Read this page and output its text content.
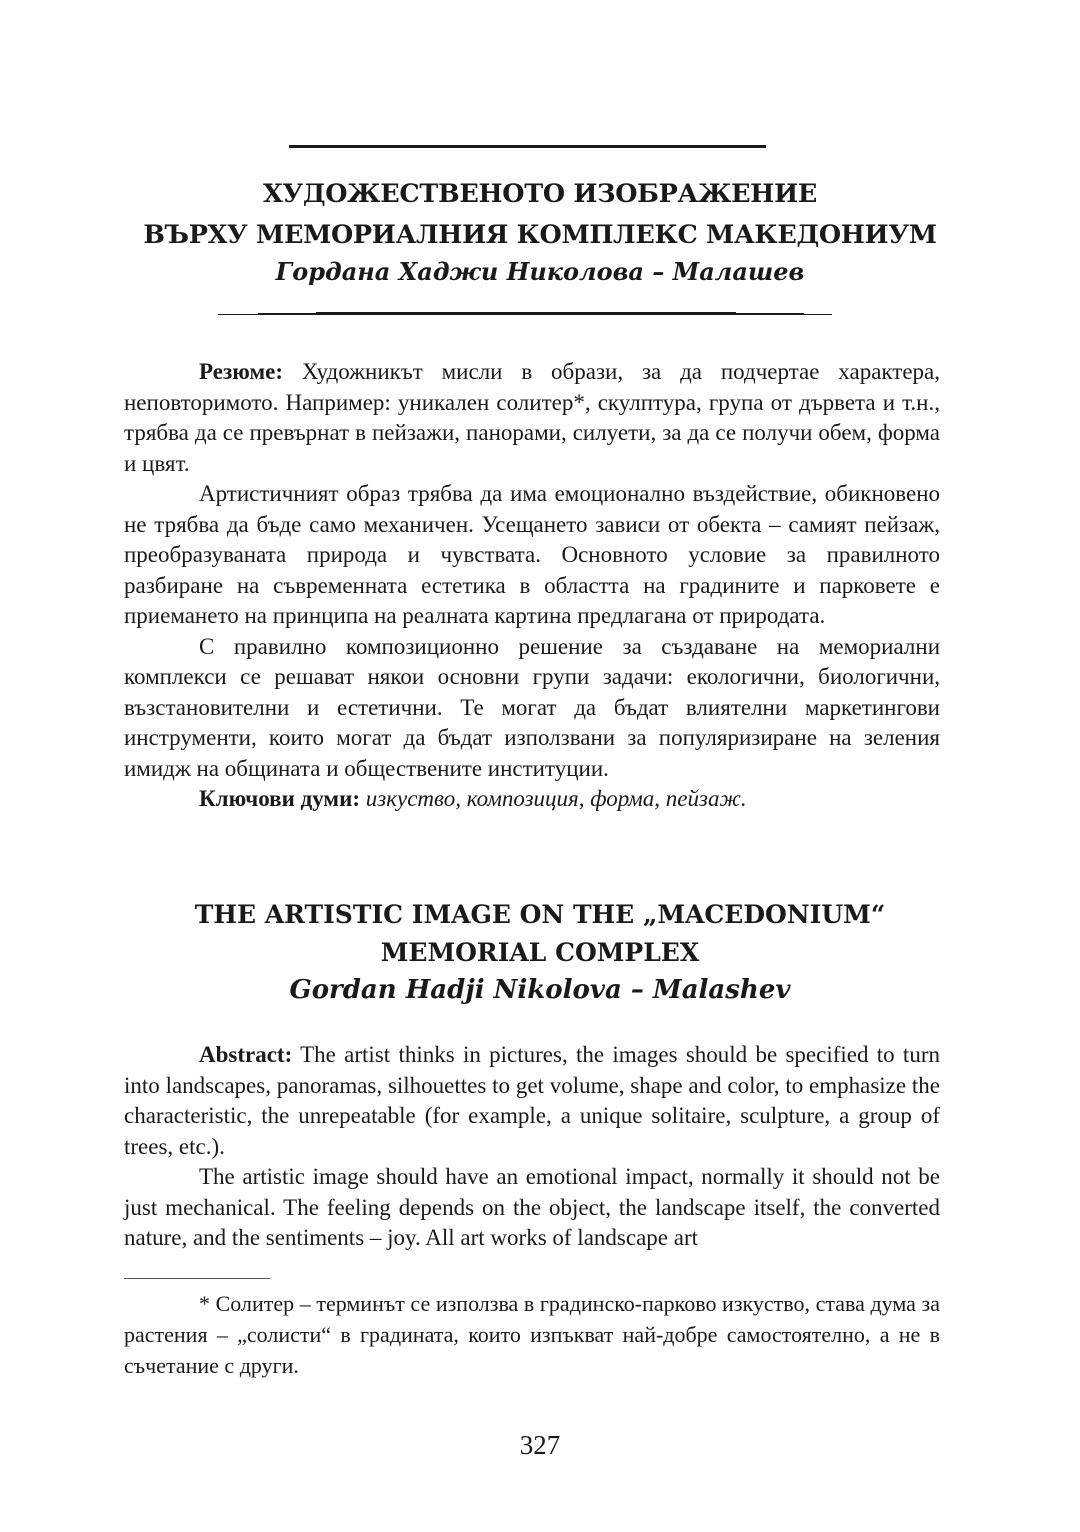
ХУДОЖЕСТВЕНОТО ИЗОБРАЖЕНИЕ
ВЪРХУ МЕМОРИАЛНИЯ КОМПЛЕКС МАКЕДОНИУМ

Гордана Хаджи Николова – Малашев

Резюме: Художникът мисли в образи, за да подчертае характера, неповторимото. Например: уникален солитер*, скулптура, група от дървета и т.н., трябва да се превърнат в пейзажи, панорами, силуети, за да се получи обем, форма и цвят.

Артистичният образ трябва да има емоционално въздействие, обикновено не трябва да бъде само механичен. Усещането зависи от обекта – самият пейзаж, преобразуваната природа и чувствата. Основното условие за правилното разбиране на съвременната естетика в областта на градините и парковете е приемането на принципа на реалната картина предлагана от природата.

С правилно композиционно решение за създаване на мемориални комплекси се решават някои основни групи задачи: екологични, биологични, възстановителни и естетични. Те могат да бъдат влиятелни маркетингови инструменти, които могат да бъдат използвани за популяризиране на зеления имидж на общината и обществените институции.

Ключови думи: изкуство, композиция, форма, пейзаж.

THE ARTISTIC IMAGE ON THE „MACEDONIUM“
MEMORIAL COMPLEX

Gordan Hadji Nikolova – Malashev

Abstract: The artist thinks in pictures, the images should be specified to turn into landscapes, panoramas, silhouettes to get volume, shape and color, to emphasize the characteristic, the unrepeatable (for example, a unique solitaire, sculpture, a group of trees, etc.).

The artistic image should have an emotional impact, normally it should not be just mechanical. The feeling depends on the object, the landscape itself, the converted nature, and the sentiments – joy. All art works of landscape art

* Солитер – терминът се използва в градинско-парково изкуство, става дума за растения – „солисти“ в градината, които изпъкват най-добре самостоятелно, а не в съчетание с други.

327
